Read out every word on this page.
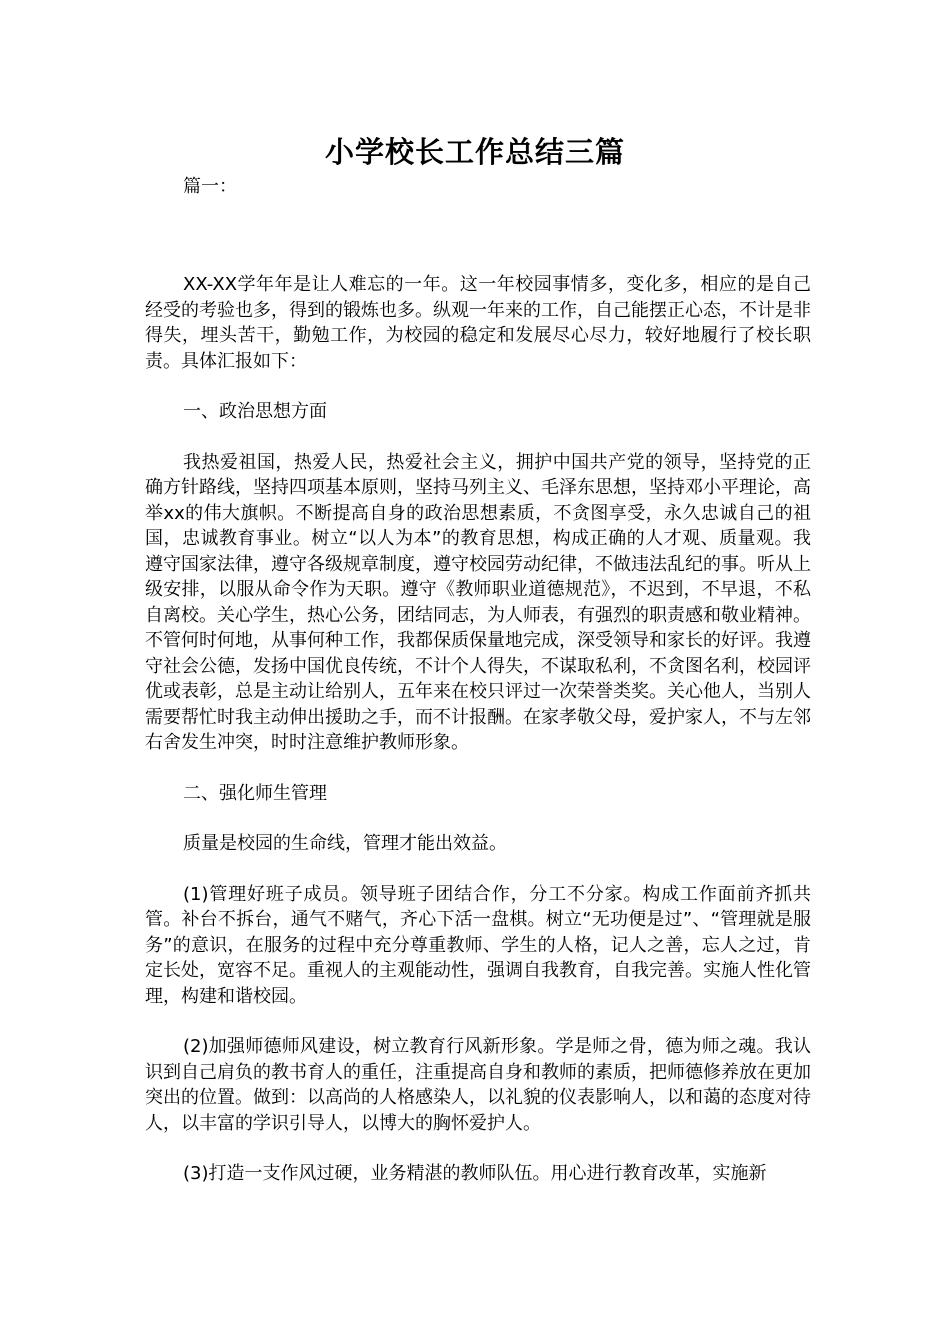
小学校长工作总结三篇
篇一：

XX-XX学年年是让人难忘的一年。这一年校园事情多，变化多，相应的是自己经受的考验也多，得到的锻炼也多。纵观一年来的工作，自己能摆正心态，不计是非得失，埋头苦干，勤勉工作，为校园的稳定和发展尽心尽力，较好地履行了校长职责。具体汇报如下：

一、政治思想方面

我热爱祖国，热爱人民，热爱社会主义，拥护中国共产党的领导，坚持党的正确方针路线，坚持四项基本原则，坚持马列主义、毛泽东思想，坚持邓小平理论，高举xx的伟大旗帜。不断提高自身的政治思想素质，不贪图享受，永久忠诚自己的祖国，忠诚教育事业。树立“以人为本”的教育思想，构成正确的人才观、质量观。我遵守国家法律，遵守各级规章制度，遵守校园劳动纪律，不做违法乱纪的事。听从上级安排，以服从命令作为天职。遵守《教师职业道德规范》，不迟到，不早退，不私自离校。关心学生，热心公务，团结同志，为人师表，有强烈的职责感和敬业精神。不管何时何地，从事何种工作，我都保质保量地完成，深受领导和家长的好评。我遵守社会公德，发扬中国优良传统，不计个人得失，不谋取私利，不贪图名利，校园评优或表彰，总是主动让给别人，五年来在校只评过一次荣誉类奖。关心他人，当别人需要帮忙时我主动伸出援助之手，而不计报酬。在家孝敬父母，爱护家人，不与左邻右舍发生冲突，时时注意维护教师形象。

二、强化师生管理

质量是校园的生命线，管理才能出效益。

(1)管理好班子成员。领导班子团结合作，分工不分家。构成工作面前齐抓共管。补台不拆台，通气不赌气，齐心下活一盘棋。树立“无功便是过”、“管理就是服务”的意识，在服务的过程中充分尊重教师、学生的人格，记人之善，忘人之过，肯定长处，宽容不足。重视人的主观能动性，强调自我教育，自我完善。实施人性化管理，构建和谐校园。

(2)加强师德师风建设，树立教育行风新形象。学是师之骨，德为师之魂。我认识到自己肩负的教书育人的重任，注重提高自身和教师的素质，把师德修养放在更加突出的位置。做到：以高尚的人格感染人，以礼貌的仪表影响人，以和蔼的态度对待人，以丰富的学识引导人，以博大的胸怀爱护人。

(3)打造一支作风过硬，业务精湛的教师队伍。用心进行教育改革，实施新
